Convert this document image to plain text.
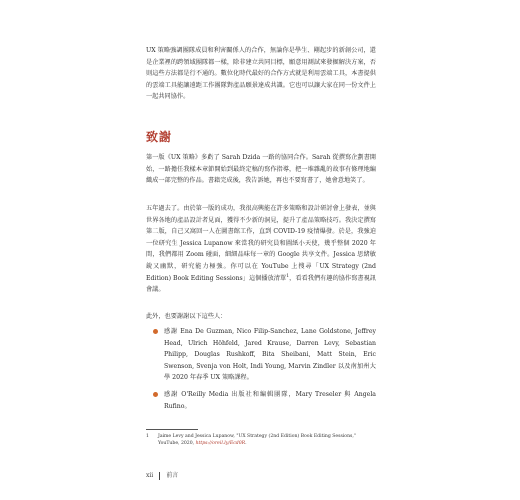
UX 策略強調團隊成員和利害關係人的合作，無論你是學生、剛起步的新創公司，還是企業裡的跨領域團隊都一樣，除非建立共同目標，願意用測試來發掘解決方案，否則這些方法都是行不通的。數位化時代最好的合作方式就是利用雲端工具，本書提供的雲端工具能讓遠距工作團隊對產品願景達成共識。它也可以讓大家在同一份文件上一起共同協作。

致謝

第一版《UX 策略》多虧了 Sarah Dzida 一路的協同合作。Sarah 從撰寫企劃書開始，一路擔任我樣本章節開始到最終定稿的寫作指導，把一堆雜亂的故事有條理地編織成一部完整的作品。書籍完成後，我告訴她，再也不要寫書了，她會意地笑了。

五年過去了。由於第一版的成功，我很高興能在許多策略和設計研討會上發表，並與世界各地的產品設計者見面，獲得不少新的洞見，提升了產品策略技巧。我決定撰寫第二版，自己又窩回一人在圖書館工作，直到 COVID-19 疫情爆發。於是，我強迫一位研究生 Jessica Lupanow 來當我的研究員和圖紙小天使，幾乎整個 2020 年間，我們都用 Zoom 碰面，細細品味每一章的 Google 共享文件。Jessica 思緒敏銳又幽默，研究能力極強。你可以在 YouTube 上搜尋「UX Strategy (2nd Edition) Book Editing Sessions」這個播放清單$^1$，看看我們有趣的協作寫書視訊會議。

此外，也要謝謝以下這些人：

感謝 Ena De Guzman, Nico Filip-Sanchez, Lane Goldstone, Jeffrey Head, Ulrich Höhfeld, Jared Krause, Darren Levy, Sebastian Philipp, Douglas Rushkoff, Bita Sheibani, Matt Stein, Eric Swenson, Svenja von Holt, Indi Young, Marvin Zindler 以及南加州大學 2020 年春季 UX 策略課程。
感謝 O'Reilly Media 出版社和編輯團隊，Mary Treseler 與 Angela Rufino。
1	Jaime Levy and Jessica Lupanow, "UX Strategy (2nd Edition) Book Editing Sessions," YouTube, 2020, https://oreil.ly/Ecd0R.
xii 前言
